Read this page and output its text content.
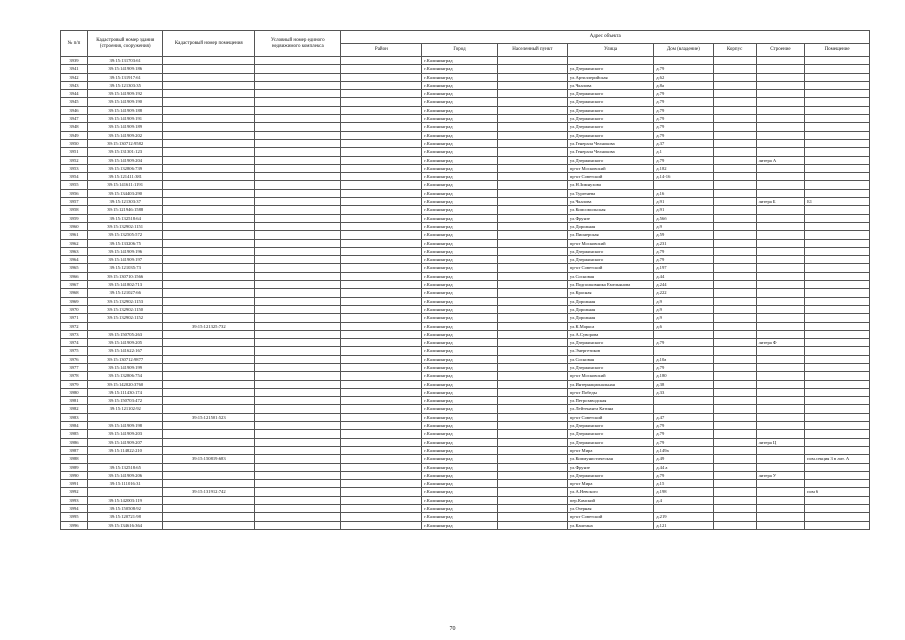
№ п/п	Кадастровый номер здания (строения, сооружения)	Кадастровый номер помещения	Условный номер единого недвижимого комплекса	Адрес объекта							
				Район	Город	Населенный пункт	Улица	Дом (владение)	Корпус	Строение	Помещение
3939	39:15:131703:61				г.Калининград						
3941	39:15:141909:186				г.Калининград		ул.Дзержинского	д.79			
3942	39:15:131917:61				г.Калининград		ул.Артиллерийская	д.62			
3943	39:15:121303:35				г.Калининград		ул.Чкалова	д.8а			
3944	39:15:141909:192				г.Калининград		ул.Дзержинского	д.79			
3945	39:15:141909:190				г.Калининград		ул.Дзержинского	д.79			
3946	39:15:141909:188				г.Калининград		ул.Дзержинского	д.79			
3947	39:15:141909:191				г.Калининград		ул.Дзержинского	д.79			
3948	39:15:141909:189				г.Калининград		ул.Дзержинского	д.79			
3949	39:15:141909:202				г.Калининград		ул.Дзержинского	д.79			
3950	39:15:130712:9582				г.Калининград		ул.Генерала Челнокова	д.37			
3951	39:15:131301:123				г.Калининград		ул.Генерала Челнокова	д.1			
3952	39:15:141909:204				г.Калининград		ул.Дзержинского	д.79		литера А	
3953	39:15:132806:739				г.Калининград		пр-кт Московский	д.182			
3954	39:15:121411:381				г.Калининград		пр-кт Советский	д.14-16			
3955	39:15:141611:1191				г.Калининград		ул.Н.Зимнухова				
3956	39:15:134403:290				г.Калининград		ул.Тургенева	д.16			
3957	39:15:121303:37				г.Калининград		ул.Чкалова	д.91		литера Б	Б1
3958	39:15:121946:1588				г.Калининград		ул.Комсомольская	д.91			
3959	39:15:132518:64				г.Калининград		ул.Фрунзе	д.56б			
3960	39:15:132902:1151				г.Калининград		ул.Дорожная	д.9			
3961	39:15:132505:572				г.Калининград		ул.Пионерская	д.59			
3962	39:15:133206:75				г.Калининград		пр-кт Московский	д.231			
3963	39:15:141909:196				г.Калининград		ул.Дзержинского	д.79			
3964	39:15:141909:197				г.Калининград		ул.Дзержинского	д.79			
3965	39:15:121035:73				г.Калининград		пр-кт Советский	д.197			
3966	39:15:130710:1566				г.Калининград		ул.Сосновая	д.44			
3967	39:15:141802:713				г.Калининград		ул.Подполковника Емельянова	д.244			
3968	39:15:121027:66				г.Калининград		ул.Красная	д.222			
3969	39:15:132902:1153				г.Калининград		ул.Дорожная	д.9			
3970	39:15:132902:1150				г.Калининград		ул.Дорожная	д.9			
3971	39:15:132902:1152				г.Калининград		ул.Дорожная	д.9			
3972		39:15:121325:732			г.Калининград		ул.К.Маркса	д.6			
3973	39:15:150705:263				г.Калининград		ул.А.Суворова				
3974	39:15:141909:205				г.Калининград		ул.Дзержинского	д.79		литера Ф	
3975	39:15:141622:167				г.Калининград		ул.Энергетиков				
3976	39:15:130712:9877				г.Калининград		ул.Сосновая	д.10а			
3977	39:15:141909:199				г.Калининград		ул.Дзержинского	д.79			
3978	39:15:132806:754				г.Калининград		пр-кт Московский	д.180			
3979	39:15:142020:3760				г.Калининград		ул.Интернациональная	д.38			
3980	39:15:111430:174				г.Калининград		пр-кт Победы	д.33			
3981	39:15:150703:472				г.Калининград		ул.Петрозаводская				
3982	39:15:121102:92				г.Калининград		ул.Лейтенанта Катина				
3983		39:15:121501:523			г.Калининград		пр-кт Советский	д.47			
3984	39:15:141909:198				г.Калининград		ул.Дзержинского	д.79			
3985	39:15:141909:203				г.Калининград		ул.Дзержинского	д.79			
3986	39:15:141909:207				г.Калининград		ул.Дзержинского	д.79		литера Ц	
3987	39:15:114822:210				г.Калининград		пр-кт Мира	д.149а			
3988		39:15:150819:683			г.Калининград		ул.Коммунистическая	д.49			пом.секция 3 в лит. А
3989	39:15:132518:65				г.Калининград		ул.Фрунзе	д.44 а			
3990	39:15:141909:206				г.Калининград		ул.Дзержинского	д.79		литера У	
3991	39:15:111016:31				г.Калининград		пр-кт Мира	д.15			
3992		39:15:131912:742			г.Калининград		ул.А.Невского	д.198			пом 6
3993	39:15:142003:119				г.Калининград		пер.Камский	д.4			
3994	39:15:150508:92				г.Калининград		ул.Озерная				
3995	39:15:120721:98				г.Калининград		пр-кт Советский	д.219			
3996	39:15:134616:364				г.Калининград		ул.Каштана	д.121			
70
